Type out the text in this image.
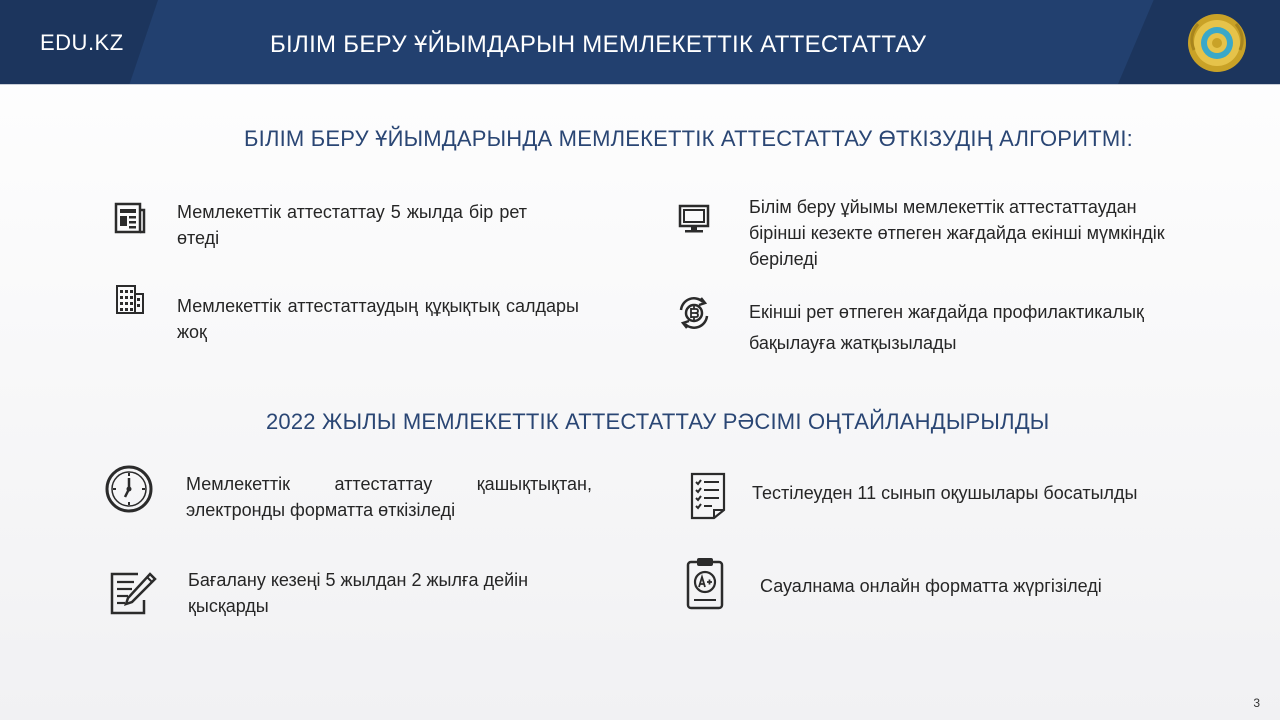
EDU.KZ	БІЛІМ БЕРУ ҰЙЫМДАРЫН МЕМЛЕКЕТТІК АТТЕСТАТТАУ
БІЛІМ БЕРУ ҰЙЫМДАРЫНДА МЕМЛЕКЕТТІК АТТЕСТАТТАУ ӨТКІЗУДІҢ АЛГОРИТМІ:
Мемлекеттік аттестаттау 5 жылда бір рет өтеді
Мемлекеттік аттестаттаудың құқықтық салдары жоқ
Білім беру ұйымы мемлекеттік аттестаттаудан бірінші кезекте өтпеген жағдайда екінші мүмкіндік беріледі
Екінші рет өтпеген жағдайда профилактикалық бақылауға жатқызылады
2022 ЖЫЛЫ МЕМЛЕКЕТТІК АТТЕСТАТТАУ РӘСІМІ ОҢТАЙЛАНДЫРЫЛДЫ
Мемлекеттік аттестаттау қашықтықтан, электронды форматта өткізіледі
Бағалану кезеңі 5 жылдан 2 жылға дейін қысқарды
Тестілеуден 11 сынып оқушылары босатылды
Сауалнама онлайн форматта жүргізіледі
3
